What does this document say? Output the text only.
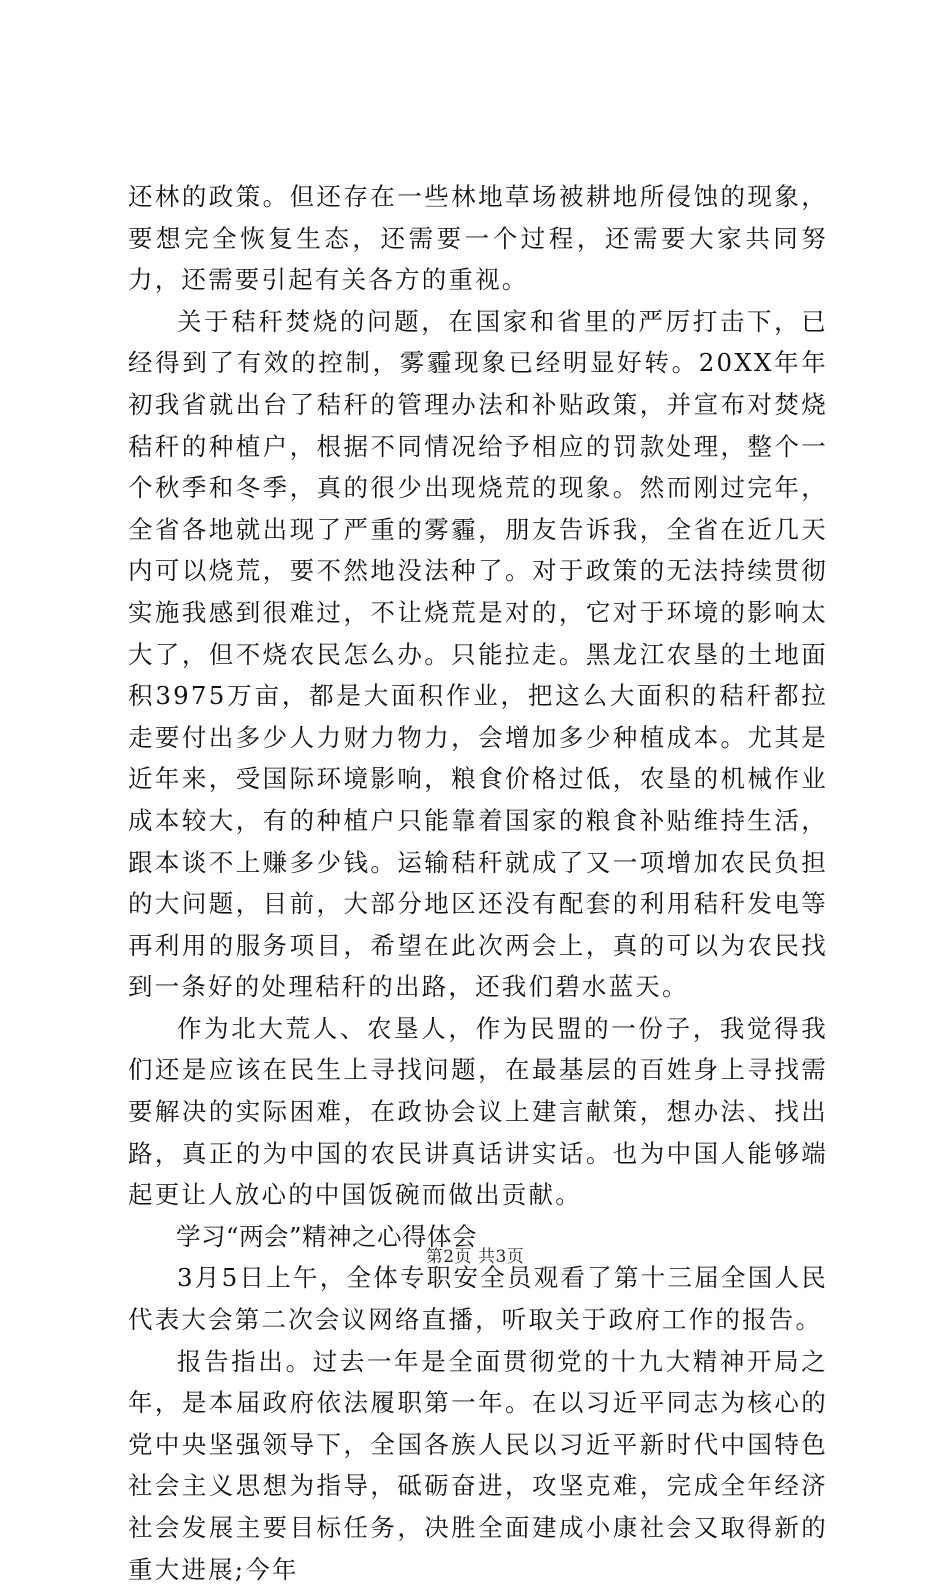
还林的政策。但还存在一些林地草场被耕地所侵蚀的现象，要想完全恢复生态，还需要一个过程，还需要大家共同努力，还需要引起有关各方的重视。

关于秸秆焚烧的问题，在国家和省里的严厉打击下，已经得到了有效的控制，雾霾现象已经明显好转。20XX年年初我省就出台了秸秆的管理办法和补贴政策，并宣布对焚烧秸秆的种植户，根据不同情况给予相应的罚款处理，整个一个秋季和冬季，真的很少出现烧荒的现象。然而刚过完年，全省各地就出现了严重的雾霾，朋友告诉我，全省在近几天内可以烧荒，要不然地没法种了。对于政策的无法持续贯彻实施我感到很难过，不让烧荒是对的，它对于环境的影响太大了，但不烧农民怎么办。只能拉走。黑龙江农垦的土地面积3975万亩，都是大面积作业，把这么大面积的秸秆都拉走要付出多少人力财力物力，会增加多少种植成本。尤其是近年来，受国际环境影响，粮食价格过低，农垦的机械作业成本较大，有的种植户只能靠着国家的粮食补贴维持生活，跟本谈不上赚多少钱。运输秸秆就成了又一项增加农民负担的大问题，目前，大部分地区还没有配套的利用秸秆发电等再利用的服务项目，希望在此次两会上，真的可以为农民找到一条好的处理秸秆的出路，还我们碧水蓝天。

作为北大荒人、农垦人，作为民盟的一份子，我觉得我们还是应该在民生上寻找问题，在最基层的百姓身上寻找需要解决的实际困难，在政协会议上建言献策，想办法、找出路，真正的为中国的农民讲真话讲实话。也为中国人能够端起更让人放心的中国饭碗而做出贡献。

学习“两会”精神之心得体会

3月5日上午，全体专职安全员观看了第十三届全国人民代表大会第二次会议网络直播，听取关于政府工作的报告。

报告指出。过去一年是全面贯彻党的十九大精神开局之年，是本届政府依法履职第一年。在以习近平同志为核心的党中央坚强领导下，全国各族人民以习近平新时代中国特色社会主义思想为指导，砥砺奋进，攻坚克难，完成全年经济社会发展主要目标任务，决胜全面建成小康社会又取得新的重大进展;今年

第2页 共3页
